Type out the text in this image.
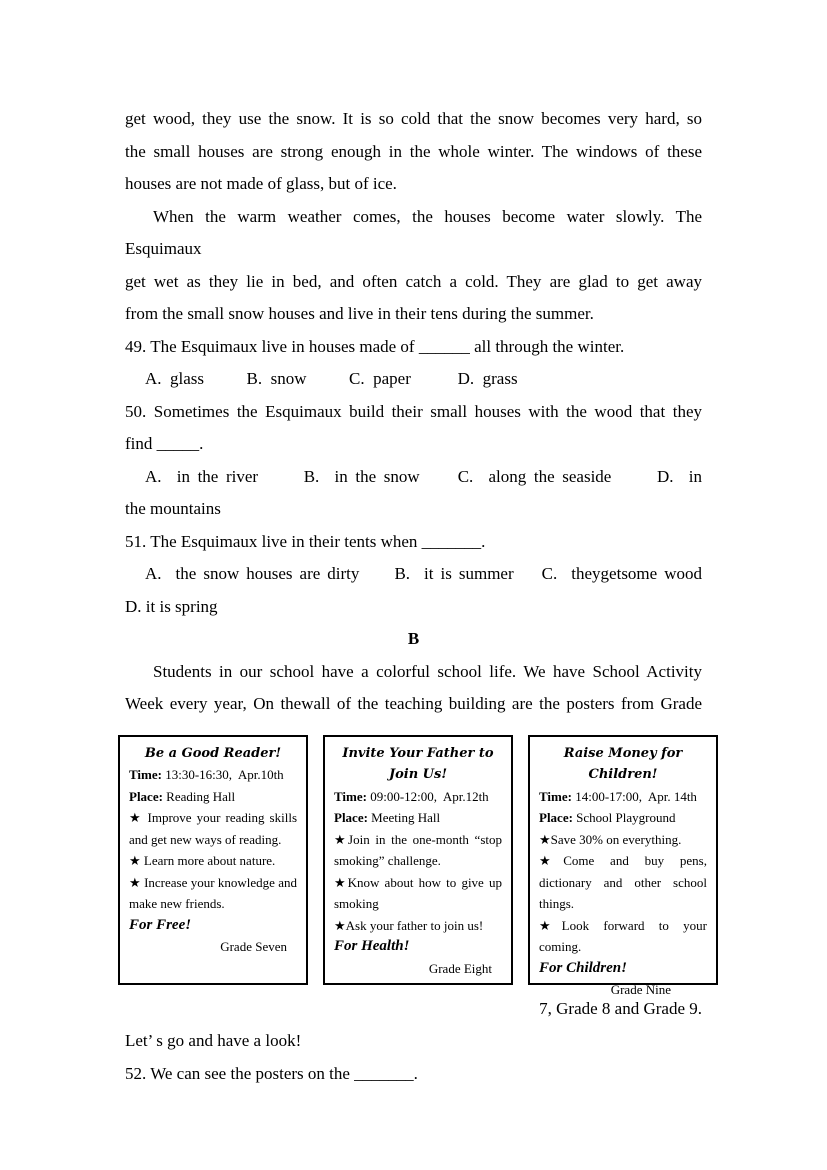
get wood, they use the snow. It is so cold that the snow becomes very hard, so
the small houses are strong enough in the whole winter. The windows of these
houses are not made of glass, but of ice.
When the warm weather comes, the houses become water slowly. The Esquimaux
get wet as they lie in bed, and often catch a cold. They are glad to get away
from the small snow houses and live in their tens during the summer.
49. The Esquimaux live in houses made of ______ all through the winter.
A.  glass          B.  snow          C.  paper           D.  grass
50. Sometimes the Esquimaux build their small houses with the wood that they
find _____.
A.  in the river      B.  in the snow     C.  along the seaside      D.  in
the mountains
51. The Esquimaux live in their tents when _______.
A.  the snow houses are dirty     B.  it is summer    C.  theygetsome wood
D. it is spring
B
Students in our school have a colorful school life. We have School Activity
Week every year, On thewall of the teaching building are the posters from Grade
Be a Good Reader!
Time: 13:30-16:30,  Apr.10th
Place: Reading Hall
★ Improve your reading skills and get new ways of reading.
★ Learn more about nature.
★ Increase your knowledge and make new friends.
For Free!
Grade Seven
Invite Your Father to
Join Us!
Time: 09:00-12:00,  Apr.12th
Place: Meeting Hall
★Join in the one-month “stop smoking” challenge.
★Know about how to give up smoking
★Ask your father to join us!
For Health!
Grade Eight
Raise Money for Children!
Time: 14:00-17:00,  Apr. 14th
Place: School Playground
★Save 30% on everything.
★Come and buy pens, dictionary and other school things.
★Look forward to your coming.
For Children!
Grade Nine
7, Grade 8 and Grade 9.
Let’ s go and have a look!
52. We can see the posters on the _______.
